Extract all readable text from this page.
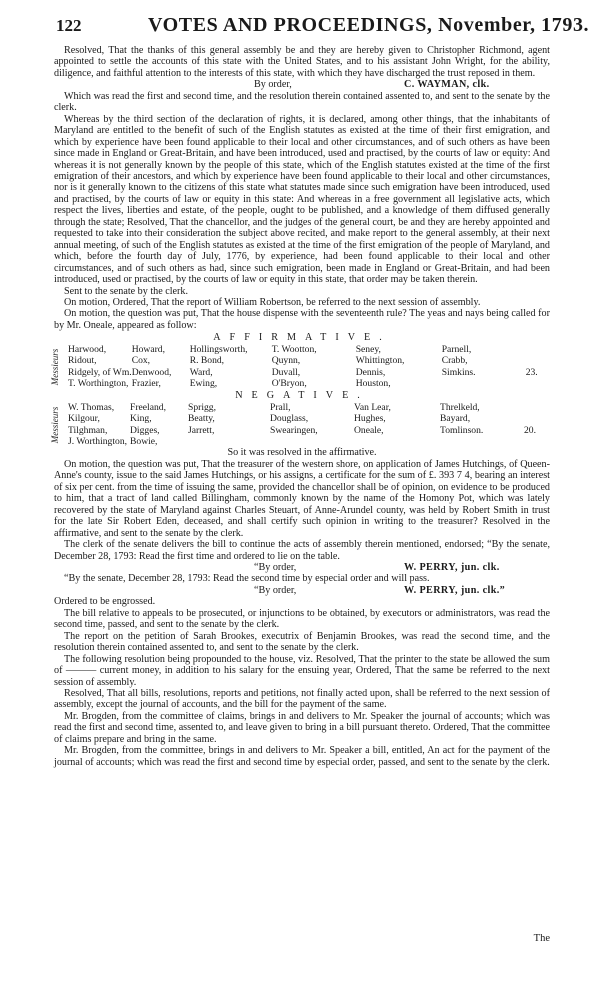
122	VOTES AND PROCEEDINGS, November, 1793.

Resolved, That the thanks of this general assembly be and they are hereby given to Christopher Richmond, agent appointed to settle the accounts of this state with the United States, and to his assistant John Wright, for the ability, diligence, and faithful attention to the interests of this state, with which they have discharged the trust reposed in them.

By order,	C. WAYMAN, clk.

Which was read the first and second time, and the resolution therein contained assented to, and sent to the senate by the clerk.

Whereas by the third section of the declaration of rights, it is declared, among other things, that the inhabitants of Maryland are entitled to the benefit of such of the English statutes as existed at the time of their first emigration, and which by experience have been found applicable to their local and other circumstances, and of such others as have been since made in England or Great-Britain, and have been introduced, used and practised, by the courts of law or equity: And whereas it is not generally known by the people of this state, which of the English statutes existed at the time of the first emigration of their ancestors, and which by experience have been found applicable to their local and other circumstances, nor is it generally known to the citizens of this state what statutes made since such emigration have been introduced, used and practised, by the courts of law or equity in this state: And whereas in a free government all legislative acts, which respect the lives, liberties and estate, of the people, ought to be published, and a knowledge of them diffused generally through the state; Resolved, That the chancellor, and the judges of the general court, be and they are hereby appointed and requested to take into their consideration the subject above recited, and make report to the general assembly, at their next annual meeting, of such of the English statutes as existed at the time of the first emigration of the people of Maryland, and which, before the fourth day of July, 1776, by experience, had been found applicable to their local and other circumstances, and of such others as had, since such emigration, been made in England or Great-Britain, and had been introduced, used or practised, by the courts of law or equity in this state, that order may be taken therein.

Sent to the senate by the clerk.

On motion, Ordered, That the report of William Robertson, be referred to the next session of assembly.

On motion, the question was put, That the house dispense with the seventeenth rule? The yeas and nays being called for by Mr. Oneale, appeared as follow:

AFFIRMATIVE.
Messieurs Harwood,	Howard,	Hollingsworth,	T. Wootton,	Seney,	Parnell,	
Ridout,	Cox,	R. Bond,	Quynn,	Whittington,	Crabb,	
Ridgely, of Wm.	Denwood,	Ward,	Duvall,	Dennis,	Simkins.	23.
T. Worthington,	Frazier,	Ewing,	O'Bryon,	Houston,		
NEGATIVE.
Messieurs W. Thomas,	Freeland,	Sprigg,	Prall,	Van Lear,	Threlkeld,	
Kilgour,	King,	Beatty,	Douglass,	Hughes,	Bayard,	
Tilghman,	Digges,	Jarrett,	Swearingen,	Oneale,	Tomlinson.	20.
J. Worthington,	Bowie,					

So it was resolved in the affirmative.

On motion, the question was put, That the treasurer of the western shore, on application of James Hutchings, of Queen-Anne's county, issue to the said James Hutchings, or his assigns, a certificate for the sum of £. 393 7 4, bearing an interest of six per cent. from the time of issuing the same, provided the chancellor shall be of opinion, on evidence to be produced to him, that a tract of land called Billingham, commonly known by the name of the Homony Pot, which was lately recovered by the state of Maryland against Charles Steuart, of Anne-Arundel county, was held by Robert Smith in trust for the late Sir Robert Eden, deceased, and shall certify such opinion in writing to the treasurer? Resolved in the affirmative, and sent to the senate by the clerk.

The clerk of the senate delivers the bill to continue the acts of assembly therein mentioned, endorsed; “By the senate, December 28, 1793: Read the first time and ordered to lie on the table.

“By order,	W. PERRY, jun. clk.

“By the senate, December 28, 1793: Read the second time by especial order and will pass.

“By order,	W. PERRY, jun. clk.”

Ordered to be engrossed.

The bill relative to appeals to be prosecuted, or injunctions to be obtained, by executors or administrators, was read the second time, passed, and sent to the senate by the clerk.

The report on the petition of Sarah Brookes, executrix of Benjamin Brookes, was read the second time, and the resolution therein contained assented to, and sent to the senate by the clerk.

The following resolution being propounded to the house, viz. Resolved, That the printer to the state be allowed the sum of ——— current money, in addition to his salary for the ensuing year, Ordered, That the same be referred to the next session of assembly.

Resolved, That all bills, resolutions, reports and petitions, not finally acted upon, shall be referred to the next session of assembly, except the journal of accounts, and the bill for the payment of the same.

Mr. Brogden, from the committee of claims, brings in and delivers to Mr. Speaker the journal of accounts; which was read the first and second time, assented to, and leave given to bring in a bill pursuant thereto. Ordered, That the committee of claims prepare and bring in the same.

Mr. Brogden, from the committee, brings in and delivers to Mr. Speaker a bill, entitled, An act for the payment of the journal of accounts; which was read the first and second time by especial order, passed, and sent to the senate by the clerk.

The
